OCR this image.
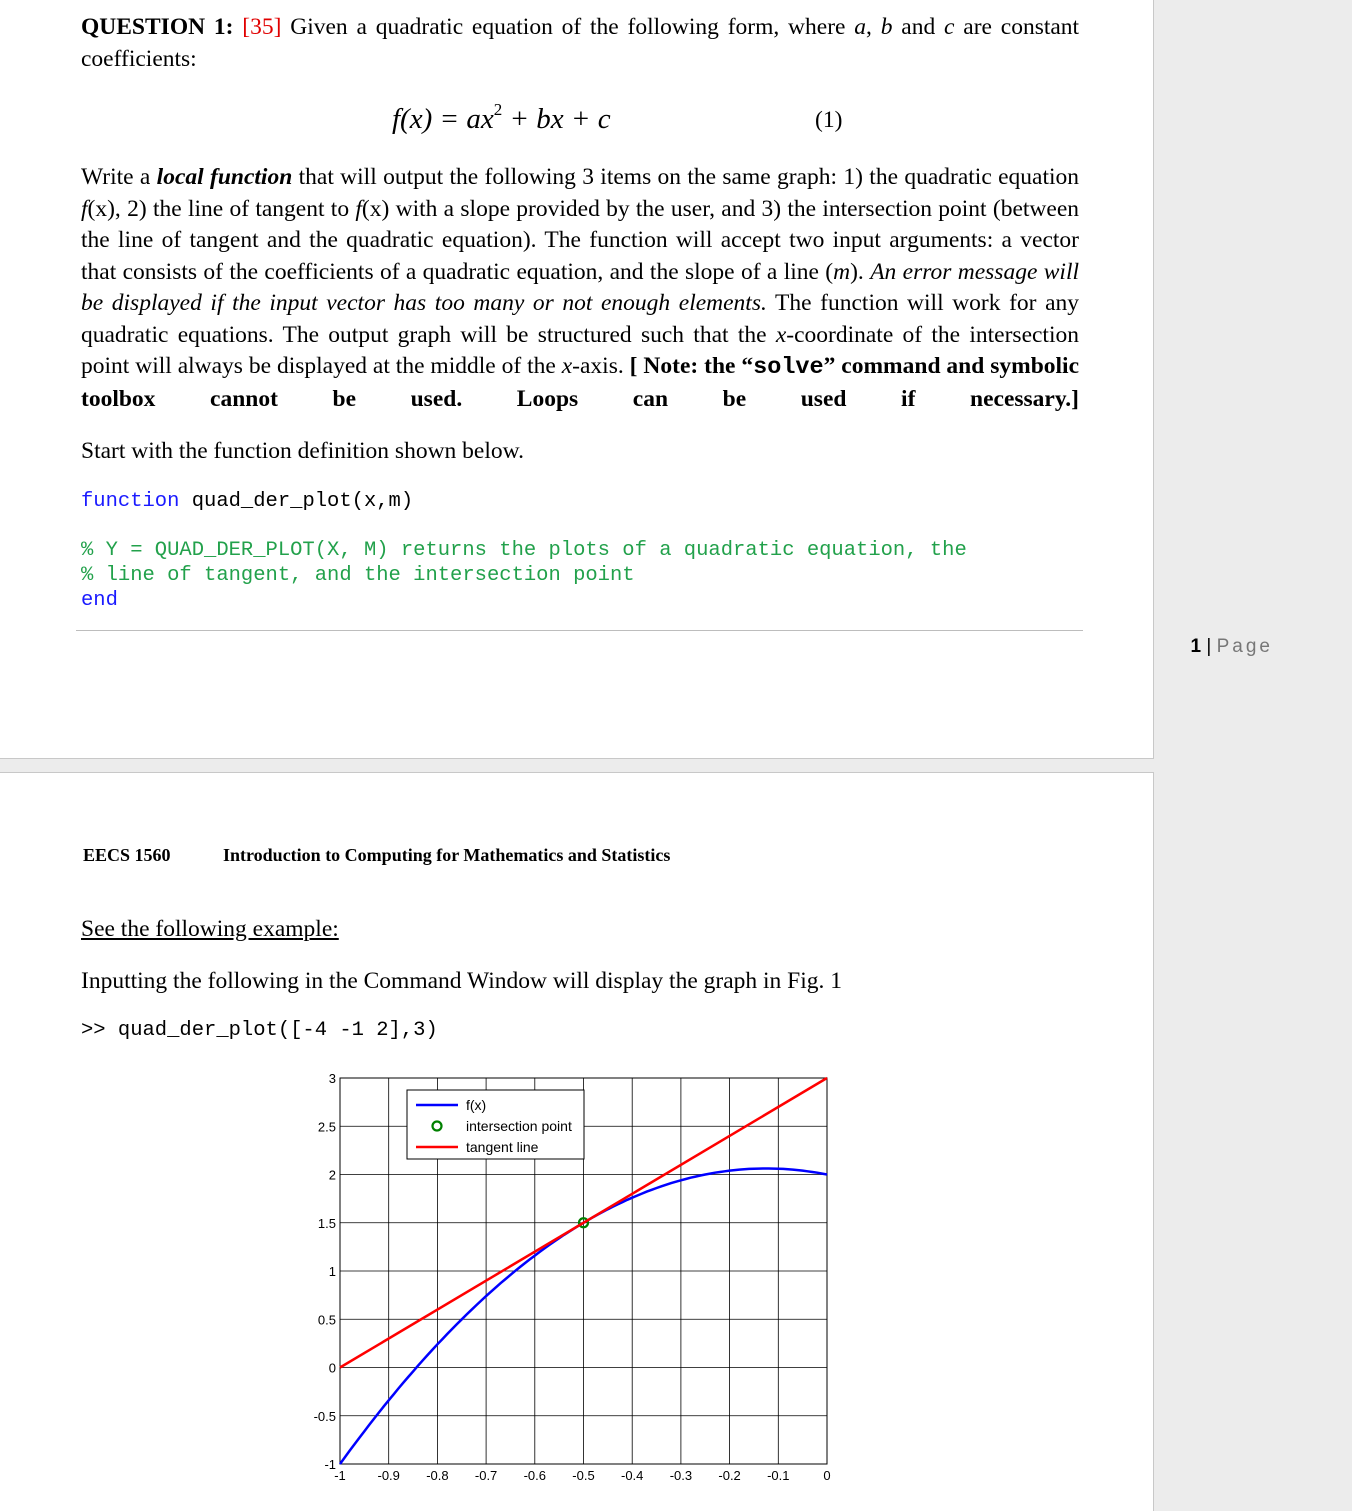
QUESTION 1: [35] Given a quadratic equation of the following form, where a, b and c are constant coefficients:

$f(x) = ax^2$ + bx + c	(1)

Write a local function that will output the following 3 items on the same graph: 1) the quadratic equation f(x), 2) the line of tangent to f(x) with a slope provided by the user, and 3) the intersection point (between the line of tangent and the quadratic equation). The function will accept two input arguments: a vector that consists of the coefficients of a quadratic equation, and the slope of a line (m). An error message will be displayed if the input vector has too many or not enough elements. The function will work for any quadratic equations. The output graph will be structured such that the x-coordinate of the intersection point will always be displayed at the middle of the x-axis. [ Note: the “solve” command and symbolic toolbox cannot be used. Loops can be used if necessary.]

Start with the function definition shown below.

function quad_der_plot(x,m)
% Y = QUAD_DER_PLOT(X, M) returns the plots of a quadratic equation, the
% line of tangent, and the intersection point
end
1 | Page
EECS 1560	Introduction to Computing for Mathematics and Statistics
See the following example:
Inputting the following in the Command Window will display the graph in Fig. 1
>> quad_der_plot([-4 -1 2],3)
-1 -0.9 -0.8 -0.7 -0.6 -0.5 -0.4 -0.3 -0.2 -0.1	0
-1
-0.5
0
0.5
1
1.5
2
2.5
3
f(x)
intersection point
tangent line
